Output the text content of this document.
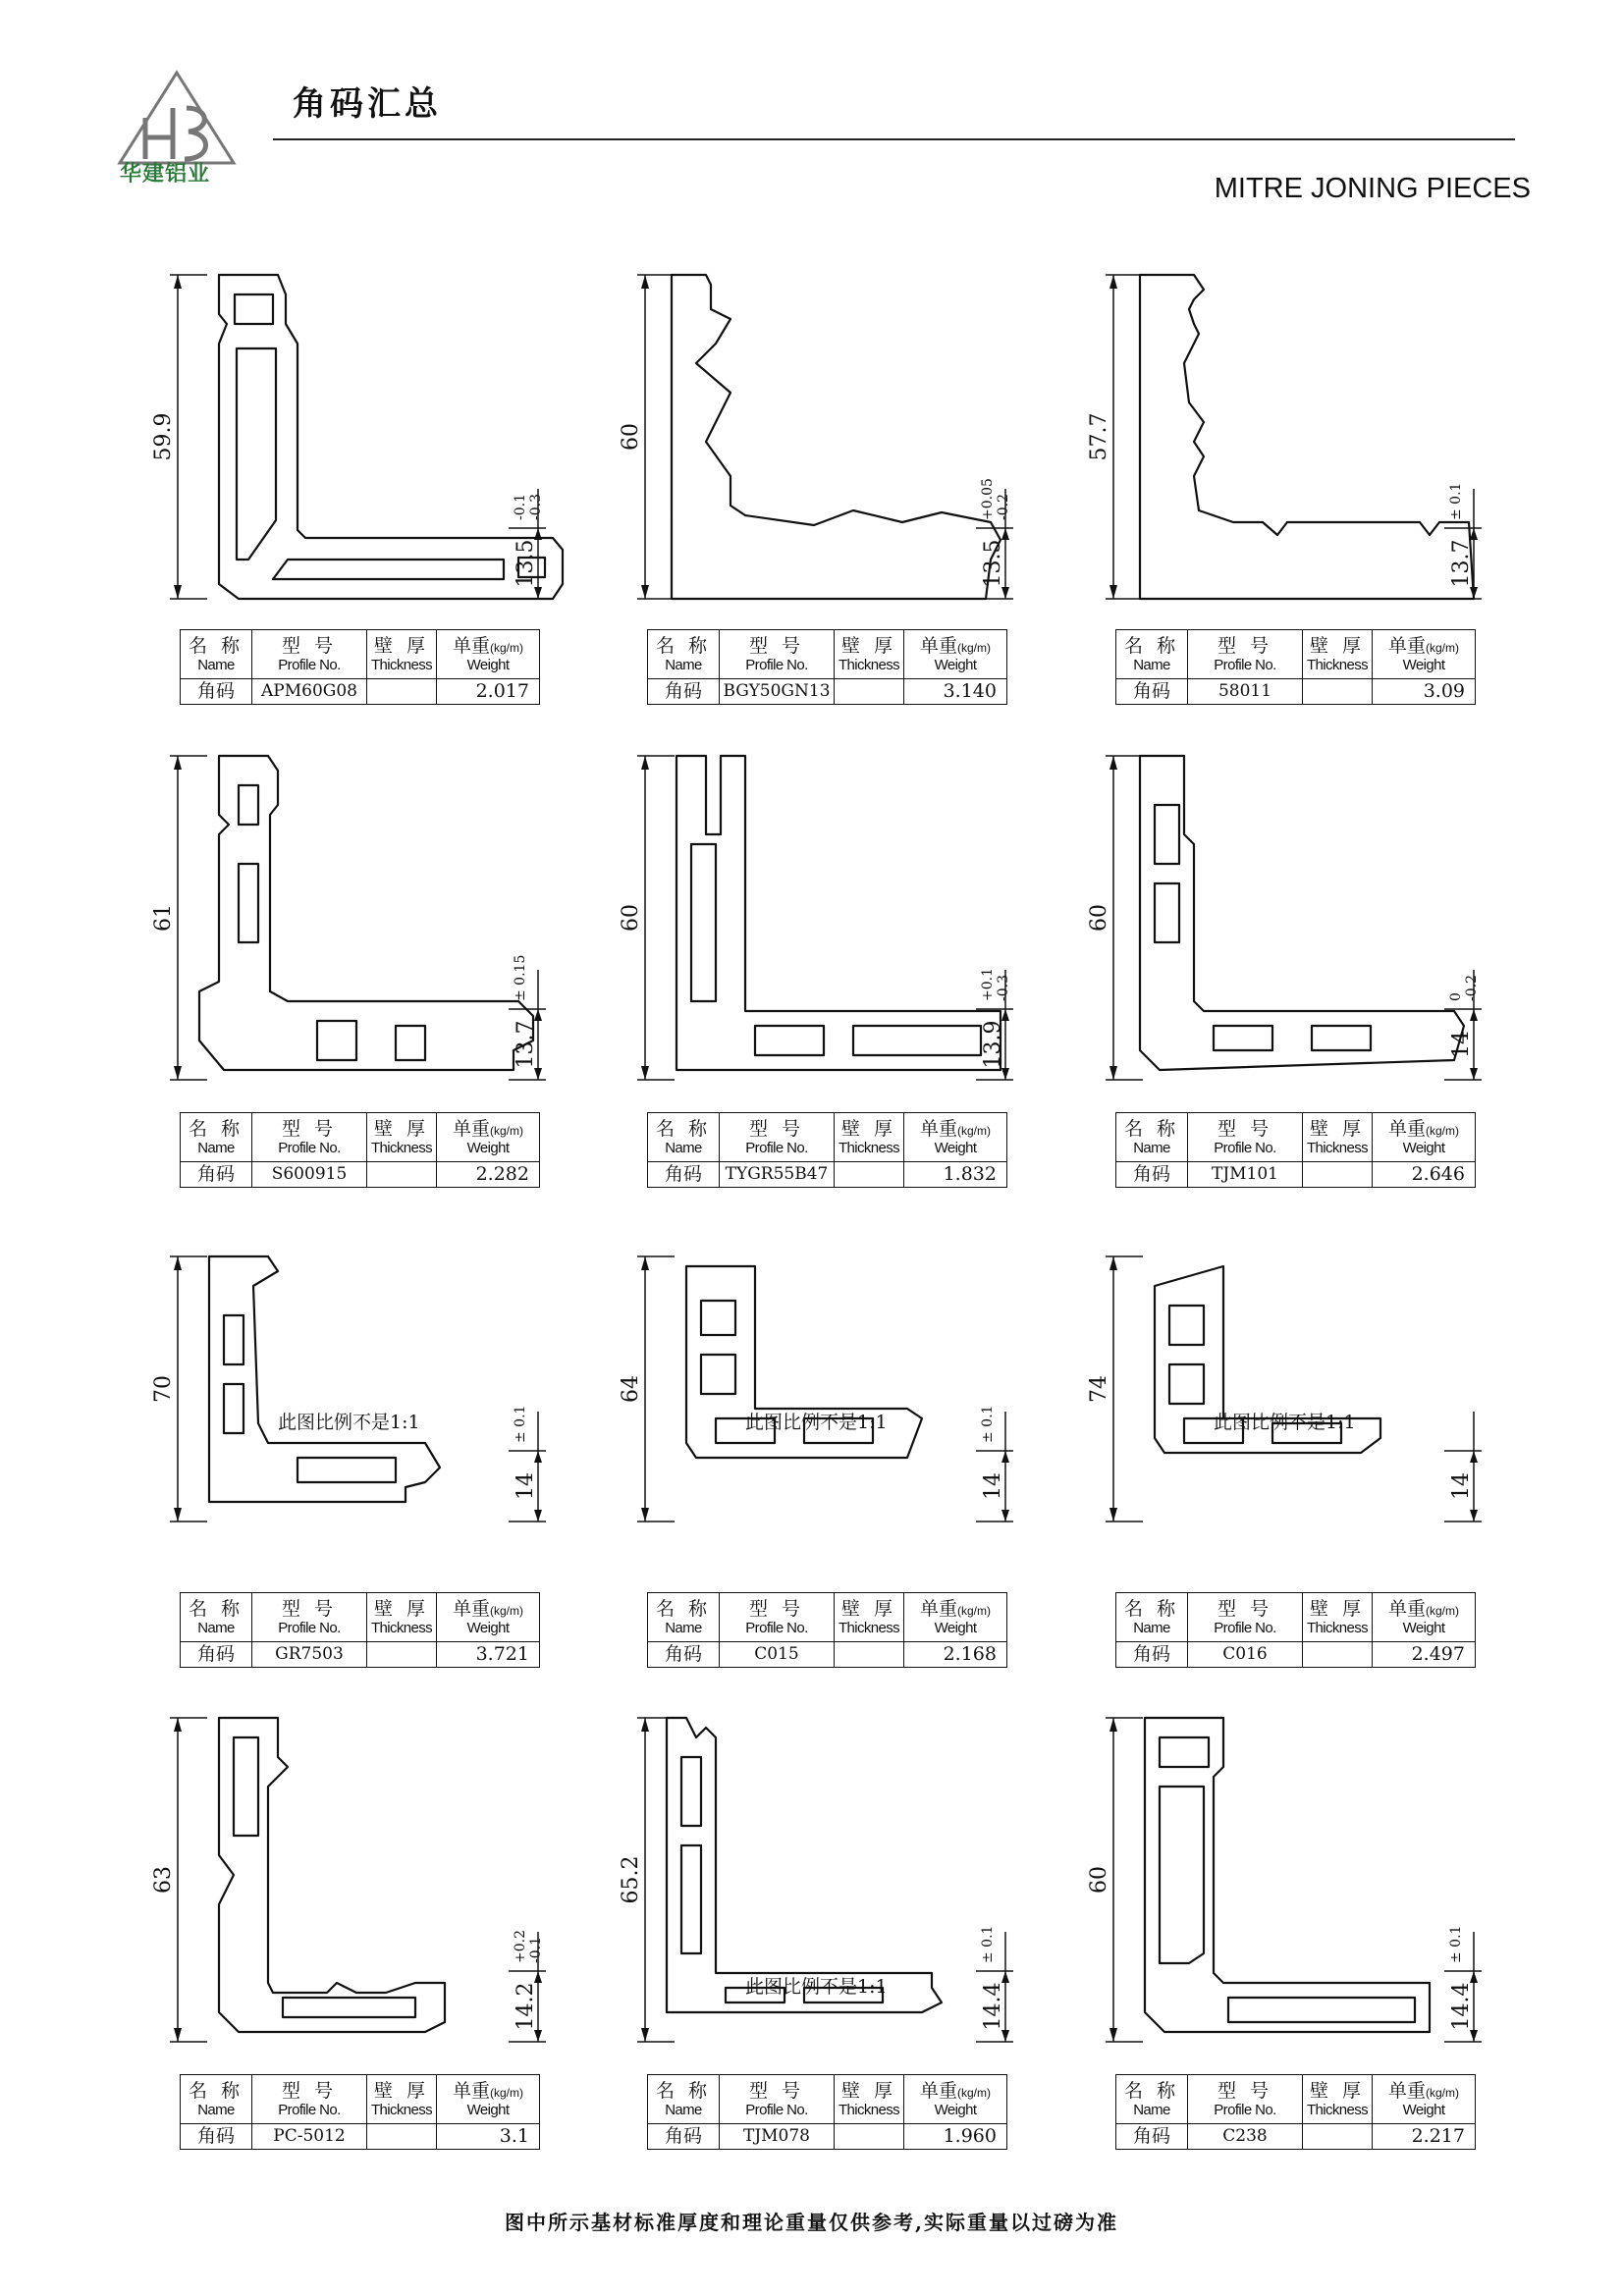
华建铝业
角码汇总
MITRE JONING PIECES
59.9
13.5
-0.1 -0.3
60
13.5
+0.05 -0.2
57.7
13.7
± 0.1
61
13.7
± 0.15
60
13.9
+0.1 -0.3
60
14
0 -0.2
70
14
± 0.1
此图比例不是1:1
64
14
± 0.1
此图比例不是1:1
74
14
此图比例不是1:1
63
14.2
+0.2 -0.1
65.2
14.4
± 0.1
此图比例不是1:1
60
14.4
± 0.1
名 称
Name	型 号
Profile No.	壁 厚
Thickness	单重(kg/m)
Weight

角码	APM60G08		2.017
名 称
Name	型 号
Profile No.	壁 厚
Thickness	单重(kg/m)
Weight

角码	BGY50GN13		3.140
名 称
Name	型 号
Profile No.	壁 厚
Thickness	单重(kg/m)
Weight

角码	58011		3.09
名 称
Name	型 号
Profile No.	壁 厚
Thickness	单重(kg/m)
Weight

角码	S600915		2.282
名 称
Name	型 号
Profile No.	壁 厚
Thickness	单重(kg/m)
Weight

角码	TYGR55B47		1.832
名 称
Name	型 号
Profile No.	壁 厚
Thickness	单重(kg/m)
Weight

角码	TJM101		2.646
名 称
Name	型 号
Profile No.	壁 厚
Thickness	单重(kg/m)
Weight

角码	GR7503		3.721
名 称
Name	型 号
Profile No.	壁 厚
Thickness	单重(kg/m)
Weight

角码	C015		2.168
名 称
Name	型 号
Profile No.	壁 厚
Thickness	单重(kg/m)
Weight

角码	C016		2.497
名 称
Name	型 号
Profile No.	壁 厚
Thickness	单重(kg/m)
Weight

角码	PC-5012		3.1
名 称
Name	型 号
Profile No.	壁 厚
Thickness	单重(kg/m)
Weight

角码	TJM078		1.960
名 称
Name	型 号
Profile No.	壁 厚
Thickness	单重(kg/m)
Weight

角码	C238		2.217
图中所示基材标准厚度和理论重量仅供参考,实际重量以过磅为准
